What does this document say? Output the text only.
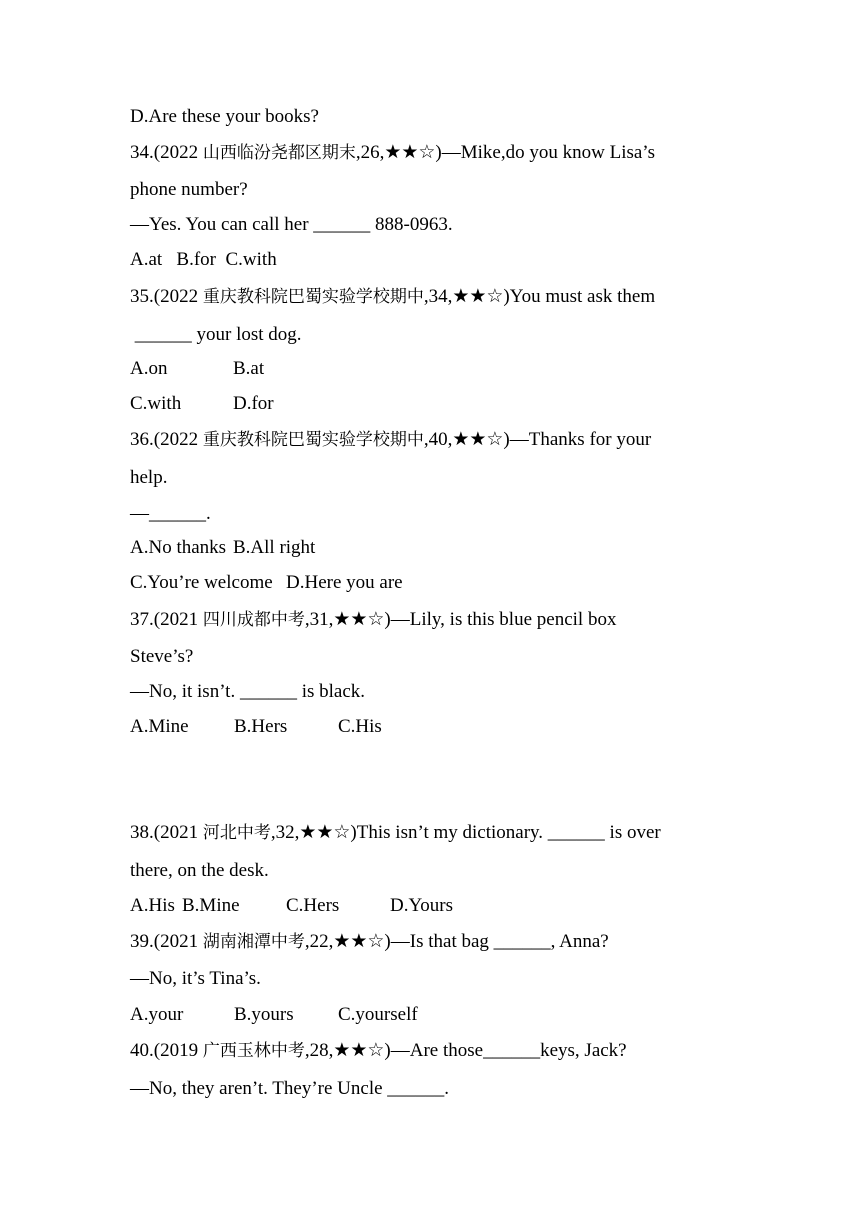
D.Are these your books?
34.(2022 山西临汾尧都区期末,26,★★☆)—Mike,do you know Lisa’s
phone number?
—Yes. You can call her ______ 888-0963.
A.at   B.for  C.with
35.(2022 重庆教科院巴蜀实验学校期中,34,★★☆)You must ask them
______ your lost dog.
A.on	B.at
C.with	D.for
36.(2022 重庆教科院巴蜀实验学校期中,40,★★☆)—Thanks for your
help.
—______.
A.No thanks B.All right
C.You’re welcome D.Here you are
37.(2021 四川成都中考,31,★★☆)—Lily, is this blue pencil box
Steve’s?
—No, it isn’t. ______ is black.
A.Mine B.Hers	C.His
38.(2021 河北中考,32,★★☆)This isn’t my dictionary. ______ is over
there, on the desk.
A.His B.Mine C.Hers	D.Yours
39.(2021 湖南湘潭中考,22,★★☆)—Is that bag ______, Anna?
—No, it’s Tina’s.
A.your	B.yours C.yourself
40.(2019 广西玉林中考,28,★★☆)—Are those______keys, Jack?
—No, they aren’t. They’re Uncle ______.
